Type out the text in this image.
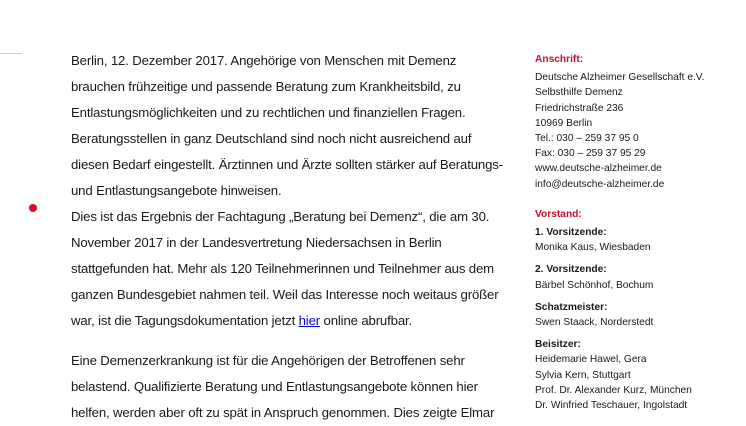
Berlin, 12. Dezember 2017. Angehörige von Menschen mit Demenz brauchen frühzeitige und passende Beratung zum Krankheitsbild, zu Entlastungsmöglichkeiten und zu rechtlichen und finanziellen Fragen. Beratungsstellen in ganz Deutschland sind noch nicht ausreichend auf diesen Bedarf eingestellt. Ärztinnen und Ärzte sollten stärker auf Beratungs- und Entlastungsangebote hinweisen.

Dies ist das Ergebnis der Fachtagung „Beratung bei Demenz“, die am 30. November 2017 in der Landesvertretung Niedersachsen in Berlin stattgefunden hat. Mehr als 120 Teilnehmerinnen und Teilnehmer aus dem ganzen Bundesgebiet nahmen teil. Weil das Interesse noch weitaus größer war, ist die Tagungsdokumentation jetzt hier online abrufbar.

Eine Demenzerkrankung ist für die Angehörigen der Betroffenen sehr belastend. Qualifizierte Beratung und Entlastungsangebote können hier helfen, werden aber oft zu spät in Anspruch genommen. Dies zeigte Elmar

Anschrift:
Deutsche Alzheimer Gesellschaft e.V.
Selbsthilfe Demenz
Friedrichstraße 236
10969 Berlin
Tel.: 030 – 259 37 95 0
Fax: 030 – 259 37 95 29
www.deutsche-alzheimer.de
info@deutsche-alzheimer.de
Vorstand:
1. Vorsitzende:
Monika Kaus, Wiesbaden
2. Vorsitzende:
Bärbel Schönhof, Bochum
Schatzmeister:
Swen Staack, Norderstedt
Beisitzer:
Heidemarie Hawel, Gera
Sylvia Kern, Stuttgart
Prof. Dr. Alexander Kurz, München
Dr. Winfried Teschauer, Ingolstadt
